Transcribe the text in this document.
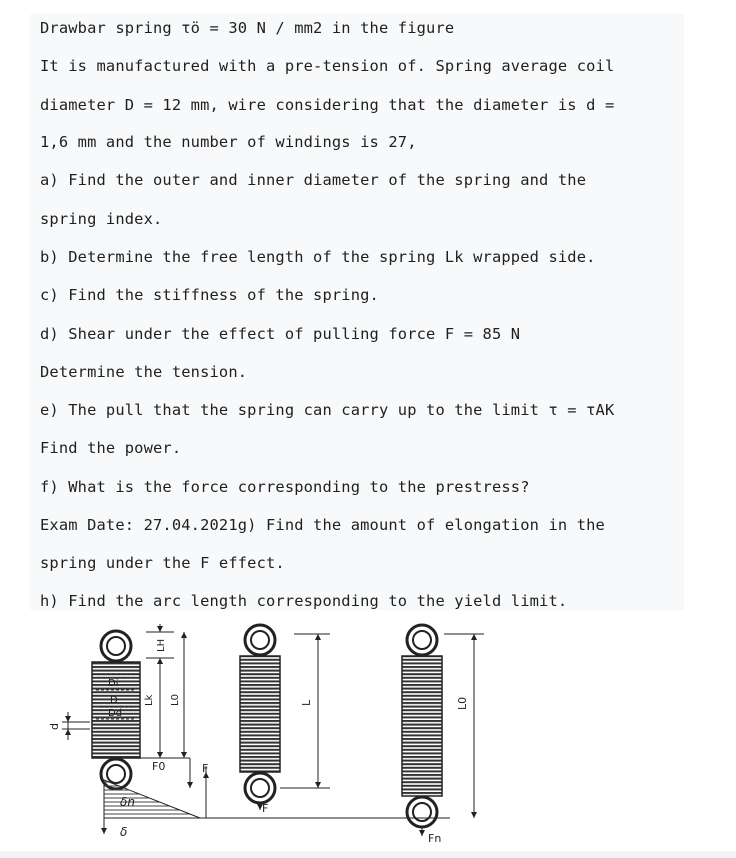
Drawbar spring τö = 30 N / mm2 in the figure
It is manufactured with a pre-tension of. Spring average coil
diameter D = 12 mm, wire considering that the diameter is d =
1,6 mm and the number of windings is 27,
a) Find the outer and inner diameter of the spring and the
spring index.
b) Determine the free length of the spring Lk wrapped side.
c) Find the stiffness of the spring.
d) Shear under the effect of pulling force F = 85 N
Determine the tension.
e) The pull that the spring can carry up to the limit τ = τAK
Find the power.
f) What is the force corresponding to the prestress?
Exam Date: 27.04.2021g) Find the amount of elongation in the
spring under the F effect.
h) Find the arc length corresponding to the yield limit.
Di
D
Dd
d
Lk L0
LH
F0	F
δn
δ
F
L
Fn
L0
